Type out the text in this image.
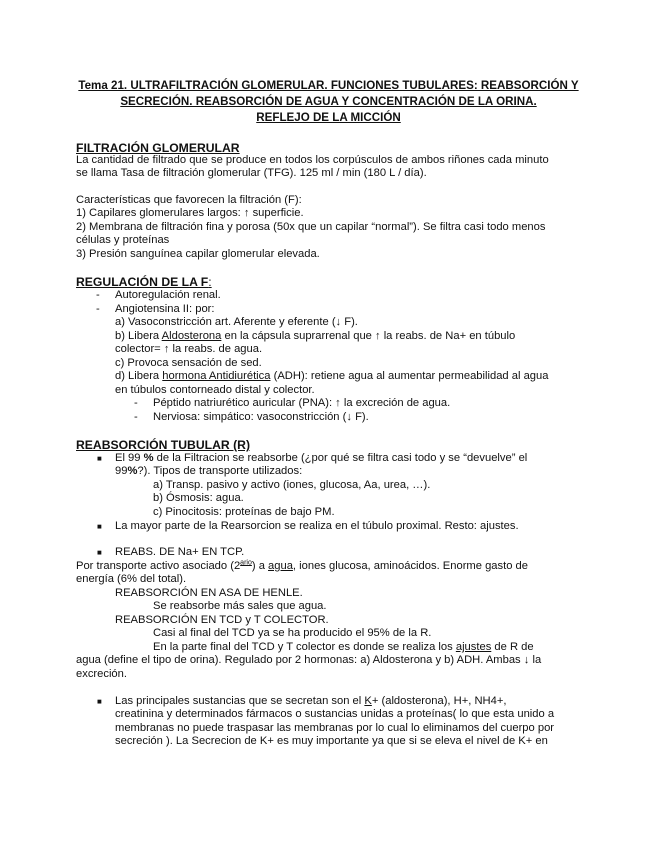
Tema 21. ULTRAFILTRACIÓN GLOMERULAR. FUNCIONES TUBULARES: REABSORCIÓN Y
SECRECIÓN. REABSORCIÓN DE AGUA Y CONCENTRACIÓN DE LA ORINA.
REFLEJO DE LA MICCIÓN
FILTRACIÓN GLOMERULAR
La cantidad de filtrado que se produce en todos los corpúsculos de ambos riñones cada minuto
se llama Tasa de filtración glomerular (TFG). 125 ml / min (180 L / día).
Características que favorecen la filtración (F):
1) Capilares glomerulares largos: ↑ superficie.
2) Membrana de filtración fina y porosa (50x que un capilar “normal”). Se filtra casi todo menos
células y proteínas
3) Presión sanguínea capilar glomerular elevada.
REGULACIÓN DE LA F:
- Autoregulación renal.
- Angiotensina II: por:
a) Vasoconstricción art. Aferente y eferente (↓ F).
b) Libera Aldosterona en la cápsula suprarrenal que ↑ la reabs. de Na+ en túbulo
colector= ↑ la reabs. de agua.
c) Provoca sensación de sed.
d) Libera hormona Antidiurética (ADH): retiene agua al aumentar permeabilidad al agua
en túbulos contorneado distal y colector.
- Péptido natriurético auricular (PNA): ↑ la excreción de agua.
- Nerviosa: simpático: vasoconstricción (↓ F).
REABSORCIÓN TUBULAR (R)
■ El 99 % de la Filtracion se reabsorbe (¿por qué se filtra casi todo y se “devuelve” el
99%?). Tipos de transporte utilizados:
a) Transp. pasivo y activo (iones, glucosa, Aa, urea, …).
b) Ósmosis: agua.
c) Pinocitosis: proteínas de bajo PM.
■ La mayor parte de la Rearsorcion se realiza en el túbulo proximal. Resto: ajustes.
■ REABS. DE Na+ EN TCP.
Por transporte activo asociado $(2^{ario})$ a agua, iones glucosa, aminoácidos. Enorme gasto de
energía (6% del total).
REABSORCIÓN EN ASA DE HENLE.
Se reabsorbe más sales que agua.
REABSORCIÓN EN TCD y T COLECTOR.
Casi al final del TCD ya se ha producido el 95% de la R.
En la parte final del TCD y T colector es donde se realiza los ajustes de R de
agua (define el tipo de orina). Regulado por 2 hormonas: a) Aldosterona y b) ADH. Ambas ↓ la
excreción.
■ Las principales sustancias que se secretan son el K+ (aldosterona), H+, NH4+,
creatinina y determinados fármacos o sustancias unidas a proteínas( lo que esta unido a
membranas no puede traspasar las membranas por lo cual lo eliminamos del cuerpo por
secreción ). La Secrecion de K+ es muy importante ya que si se eleva el nivel de K+ en
